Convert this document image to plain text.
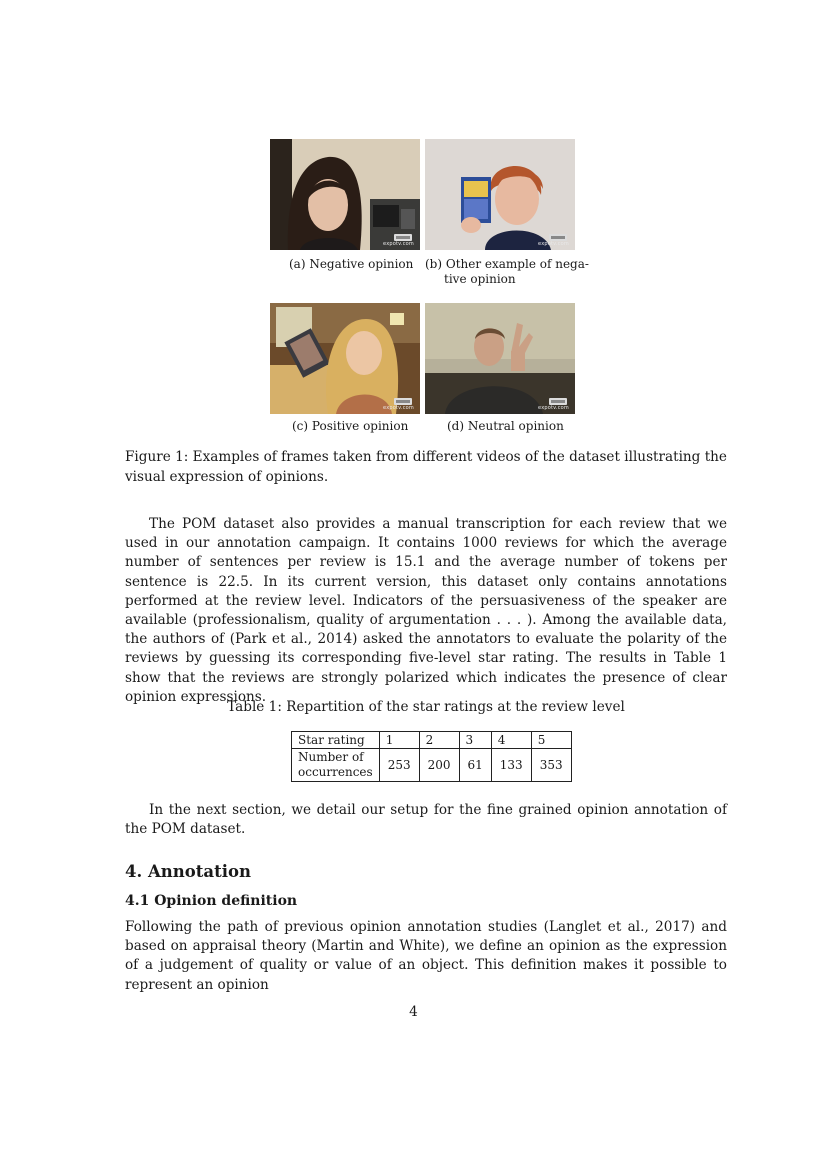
expotv.com	expotv.com
(a) Negative opinion (b) Other example of nega-
tive opinion
expotv.com	expotv.com
(c) Positive opinion	(d) Neutral opinion
Figure 1: Examples of frames taken from different videos of the dataset illustrating the visual expression of opinions.
The POM dataset also provides a manual transcription for each review that we used in our annotation campaign. It contains 1000 reviews for which the average number of sentences per review is 15.1 and the average number of tokens per sentence is 22.5. In its current version, this dataset only contains annotations performed at the review level. Indicators of the persuasiveness of the speaker are available (professionalism, quality of argumentation . . . ). Among the available data, the authors of (Park et al., 2014) asked the annotators to evaluate the polarity of the reviews by guessing its corresponding five-level star rating. The results in Table 1 show that the reviews are strongly polarized which indicates the presence of clear opinion expressions.
Table 1: Repartition of the star ratings at the review level
Star rating	1	2	3	4	5
Number of
occurrences	253	200	61	133	353
In the next section, we detail our setup for the fine grained opinion annotation of the POM dataset.
4. Annotation
4.1 Opinion definition
Following the path of previous opinion annotation studies (Langlet et al., 2017) and based on appraisal theory (Martin and White), we define an opinion as the expression of a judgement of quality or value of an object. This definition makes it possible to represent an opinion
4
